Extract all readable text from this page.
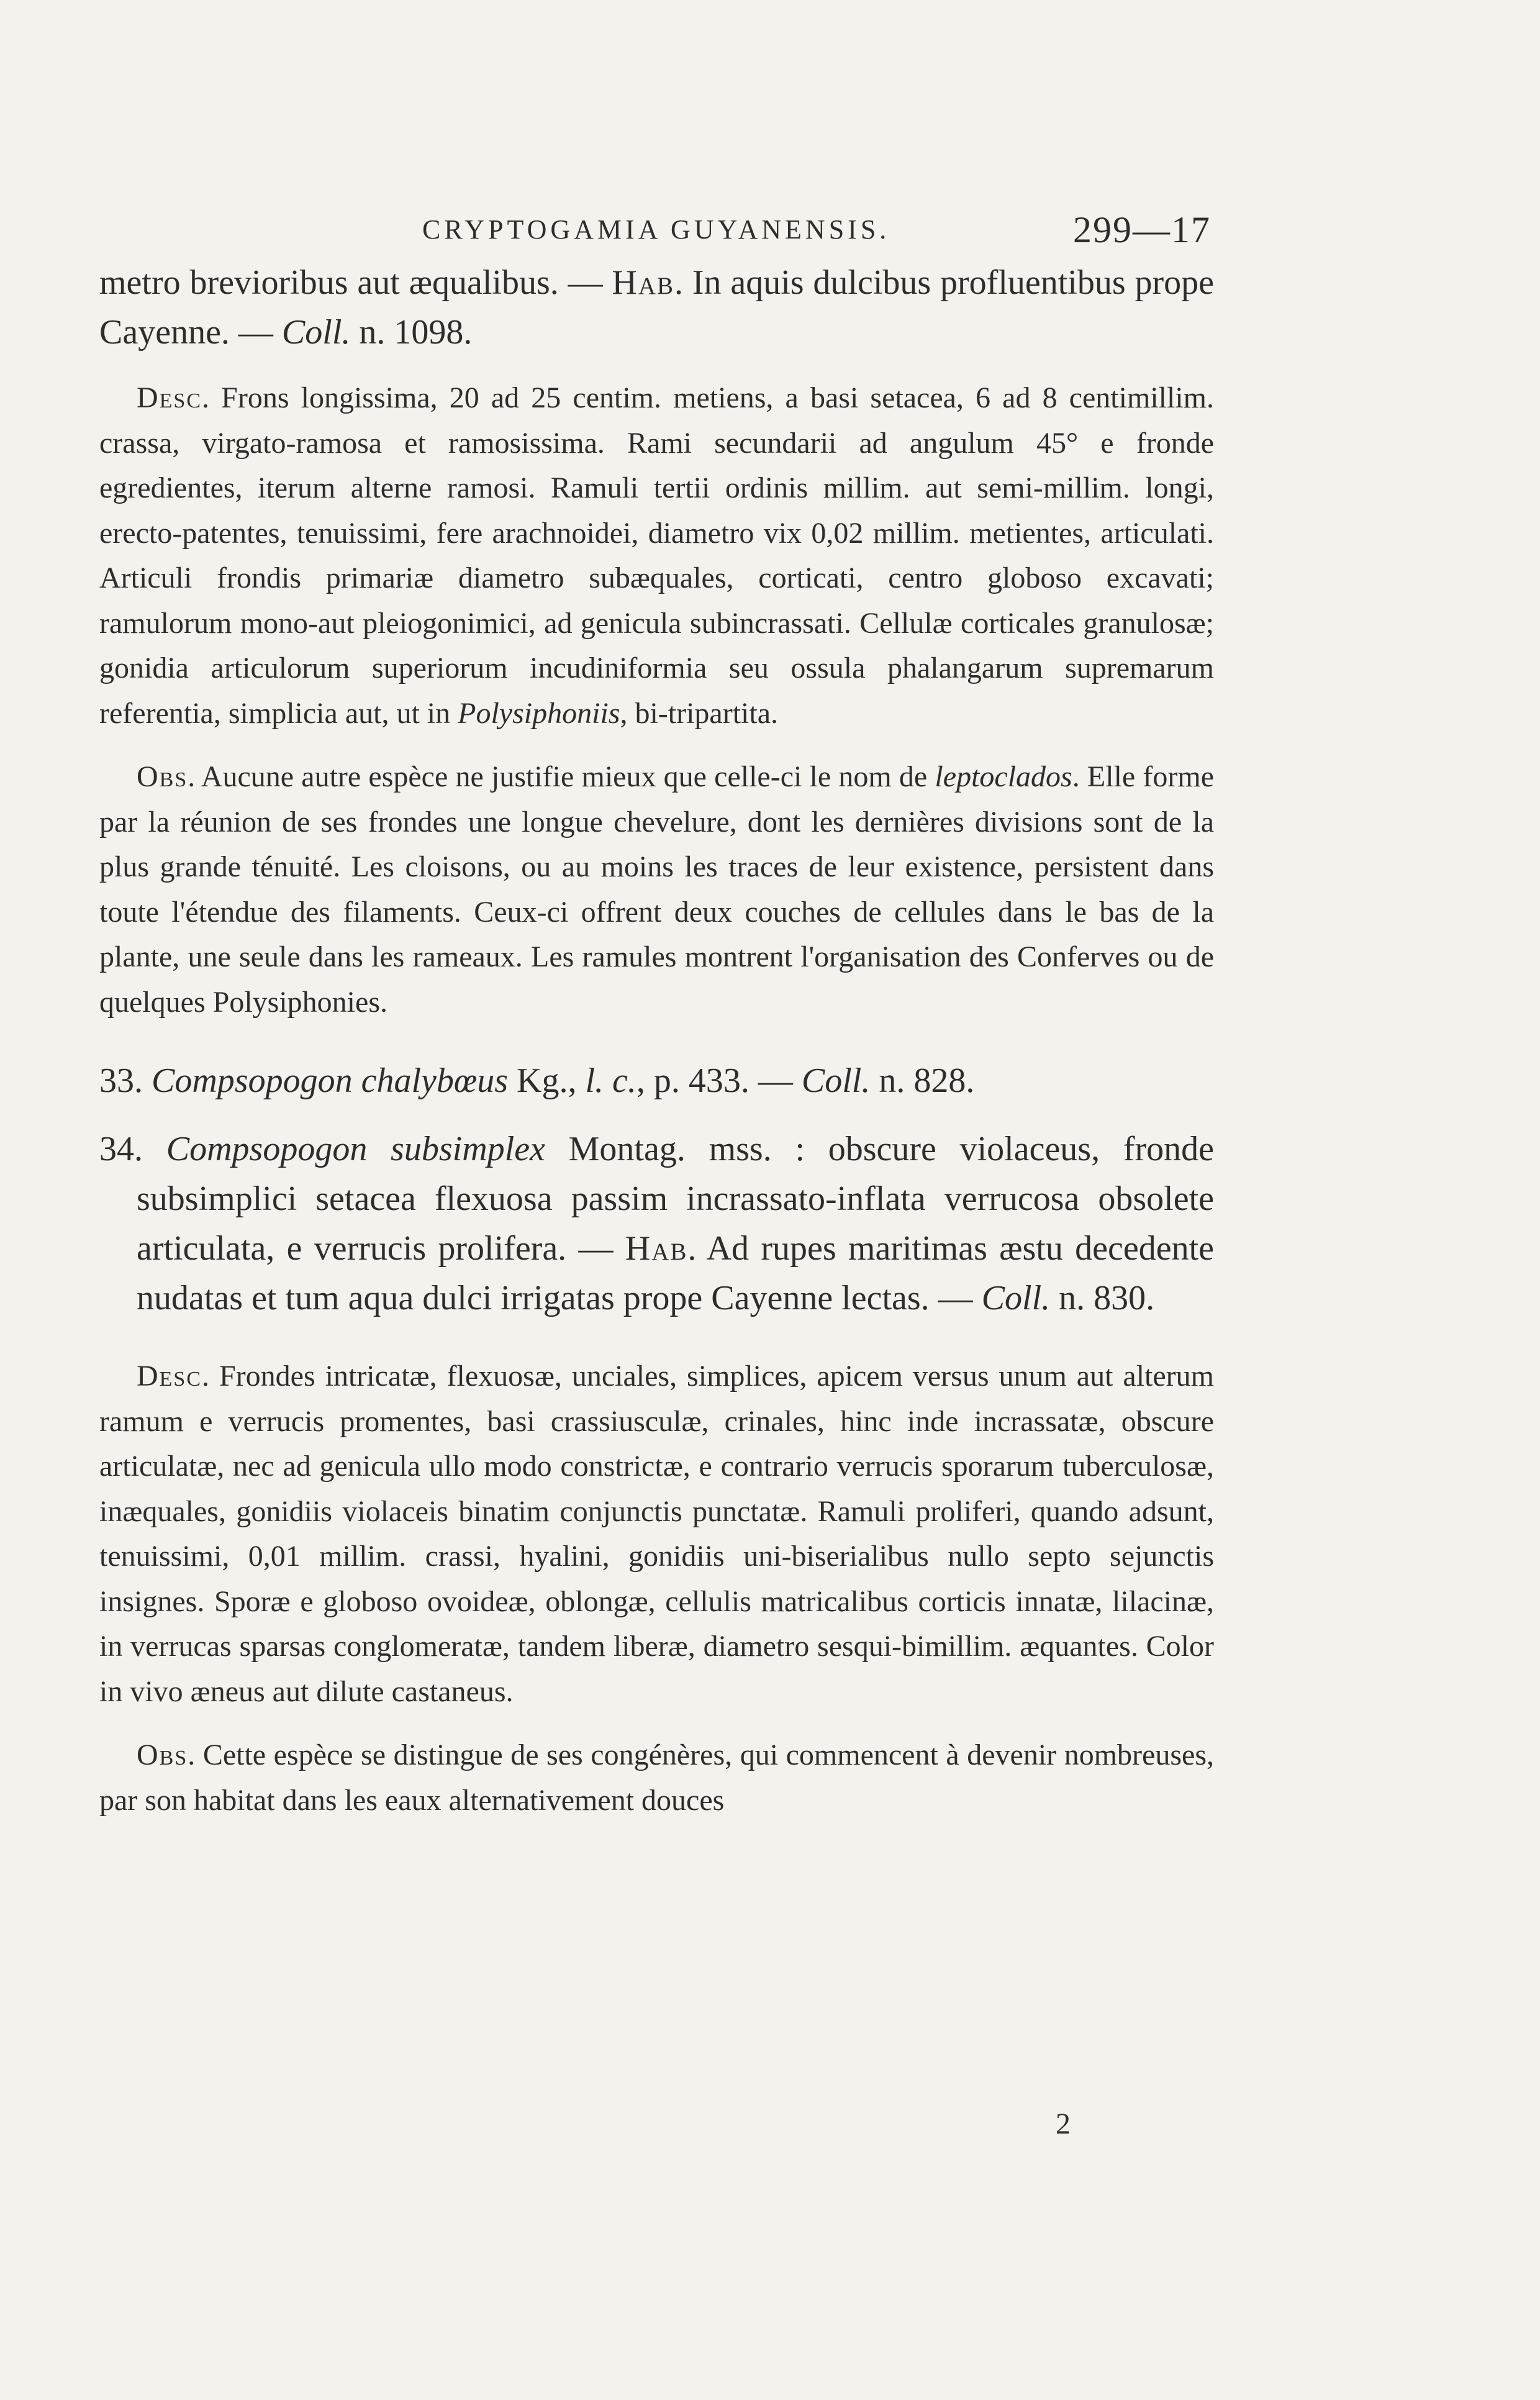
CRYPTOGAMIA GUYANENSIS.	299—17

metro brevioribus aut æqualibus. — Hab. In aquis dulcibus profluentibus prope Cayenne. — Coll. n. 1098.

Desc. Frons longissima, 20 ad 25 centim. metiens, a basi setacea, 6 ad 8 centimillim. crassa, virgato-ramosa et ramosissima. Rami secundarii ad angulum 45° e fronde egredientes, iterum alterne ramosi. Ramuli tertii ordinis millim. aut semi-millim. longi, erecto-patentes, tenuissimi, fere arachnoidei, diametro vix 0,02 millim. metientes, articulati. Articuli frondis primariæ diametro subæquales, corticati, centro globoso excavati; ramulorum mono-aut pleiogonimici, ad genicula subincrassati. Cellulæ corticales granulosæ; gonidia articulorum superiorum incudiniformia seu ossula phalangarum supremarum referentia, simplicia aut, ut in Polysiphoniis, bi-tripartita.

Obs. Aucune autre espèce ne justifie mieux que celle-ci le nom de leptoclados. Elle forme par la réunion de ses frondes une longue chevelure, dont les dernières divisions sont de la plus grande ténuité. Les cloisons, ou au moins les traces de leur existence, persistent dans toute l'étendue des filaments. Ceux-ci offrent deux couches de cellules dans le bas de la plante, une seule dans les rameaux. Les ramules montrent l'organisation des Conferves ou de quelques Polysiphonies.

33. Compsopogon chalybœus Kg., l. c., p. 433. — Coll. n. 828.

34. Compsopogon subsimplex Montag. mss. : obscure violaceus, fronde subsimplici setacea flexuosa passim incrassato-inflata verrucosa obsolete articulata, e verrucis prolifera. — Hab. Ad rupes maritimas æstu decedente nudatas et tum aqua dulci irrigatas prope Cayenne lectas. — Coll. n. 830.

Desc. Frondes intricatæ, flexuosæ, unciales, simplices, apicem versus unum aut alterum ramum e verrucis promentes, basi crassiusculæ, crinales, hinc inde incrassatæ, obscure articulatæ, nec ad genicula ullo modo constrictæ, e contrario verrucis sporarum tuberculosæ, inæquales, gonidiis violaceis binatim conjunctis punctatæ. Ramuli proliferi, quando adsunt, tenuissimi, 0,01 millim. crassi, hyalini, gonidiis uni-biserialibus nullo septo sejunctis insignes. Sporæ e globoso ovoideæ, oblongæ, cellulis matricalibus corticis innatæ, lilacinæ, in verrucas sparsas conglomeratæ, tandem liberæ, diametro sesqui-bimillim. æquantes. Color in vivo æneus aut dilute castaneus.

Obs. Cette espèce se distingue de ses congénères, qui commencent à devenir nombreuses, par son habitat dans les eaux alternativement douces

2
